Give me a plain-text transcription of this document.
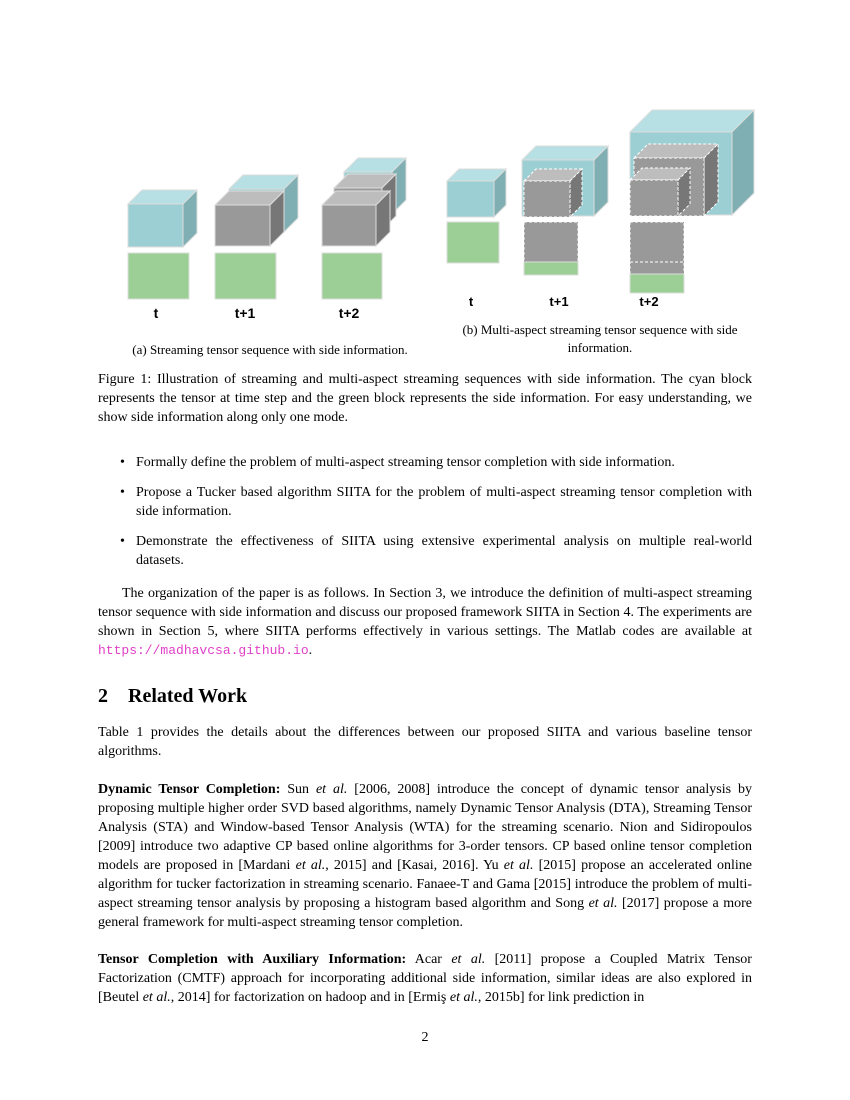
t	t+1	t+2
t	t+1	t+2
(a) Streaming tensor sequence with side information.
(b) Multi-aspect streaming tensor sequence with side
information.
Figure 1: Illustration of streaming and multi-aspect streaming sequences with side information. The cyan block represents the tensor at time step and the green block represents the side information. For easy understanding, we show side information along only one mode.
• Formally define the problem of multi-aspect streaming tensor completion with side information.
• Propose a Tucker based algorithm SIITA for the problem of multi-aspect streaming tensor completion with side information.
• Demonstrate the effectiveness of SIITA using extensive experimental analysis on multiple real-world datasets.
The organization of the paper is as follows. In Section 3, we introduce the definition of multi-aspect streaming tensor sequence with side information and discuss our proposed framework SIITA in Section 4. The experiments are shown in Section 5, where SIITA performs effectively in various settings. The Matlab codes are available at https://madhavcsa.github.io.
2 Related Work
Table 1 provides the details about the differences between our proposed SIITA and various baseline tensor algorithms.
Dynamic Tensor Completion: Sun et al. [2006, 2008] introduce the concept of dynamic tensor analysis by proposing multiple higher order SVD based algorithms, namely Dynamic Tensor Analysis (DTA), Streaming Tensor Analysis (STA) and Window-based Tensor Analysis (WTA) for the streaming scenario. Nion and Sidiropoulos [2009] introduce two adaptive CP based online algorithms for 3-order tensors. CP based online tensor completion models are proposed in [Mardani et al., 2015] and [Kasai, 2016]. Yu et al. [2015] propose an accelerated online algorithm for tucker factorization in streaming scenario. Fanaee-T and Gama [2015] introduce the problem of multi-aspect streaming tensor analysis by proposing a histogram based algorithm and Song et al. [2017] propose a more general framework for multi-aspect streaming tensor completion.
Tensor Completion with Auxiliary Information: Acar et al. [2011] propose a Coupled Matrix Tensor Factorization (CMTF) approach for incorporating additional side information, similar ideas are also explored in [Beutel et al., 2014] for factorization on hadoop and in [Ermiş et al., 2015b] for link prediction in
2
